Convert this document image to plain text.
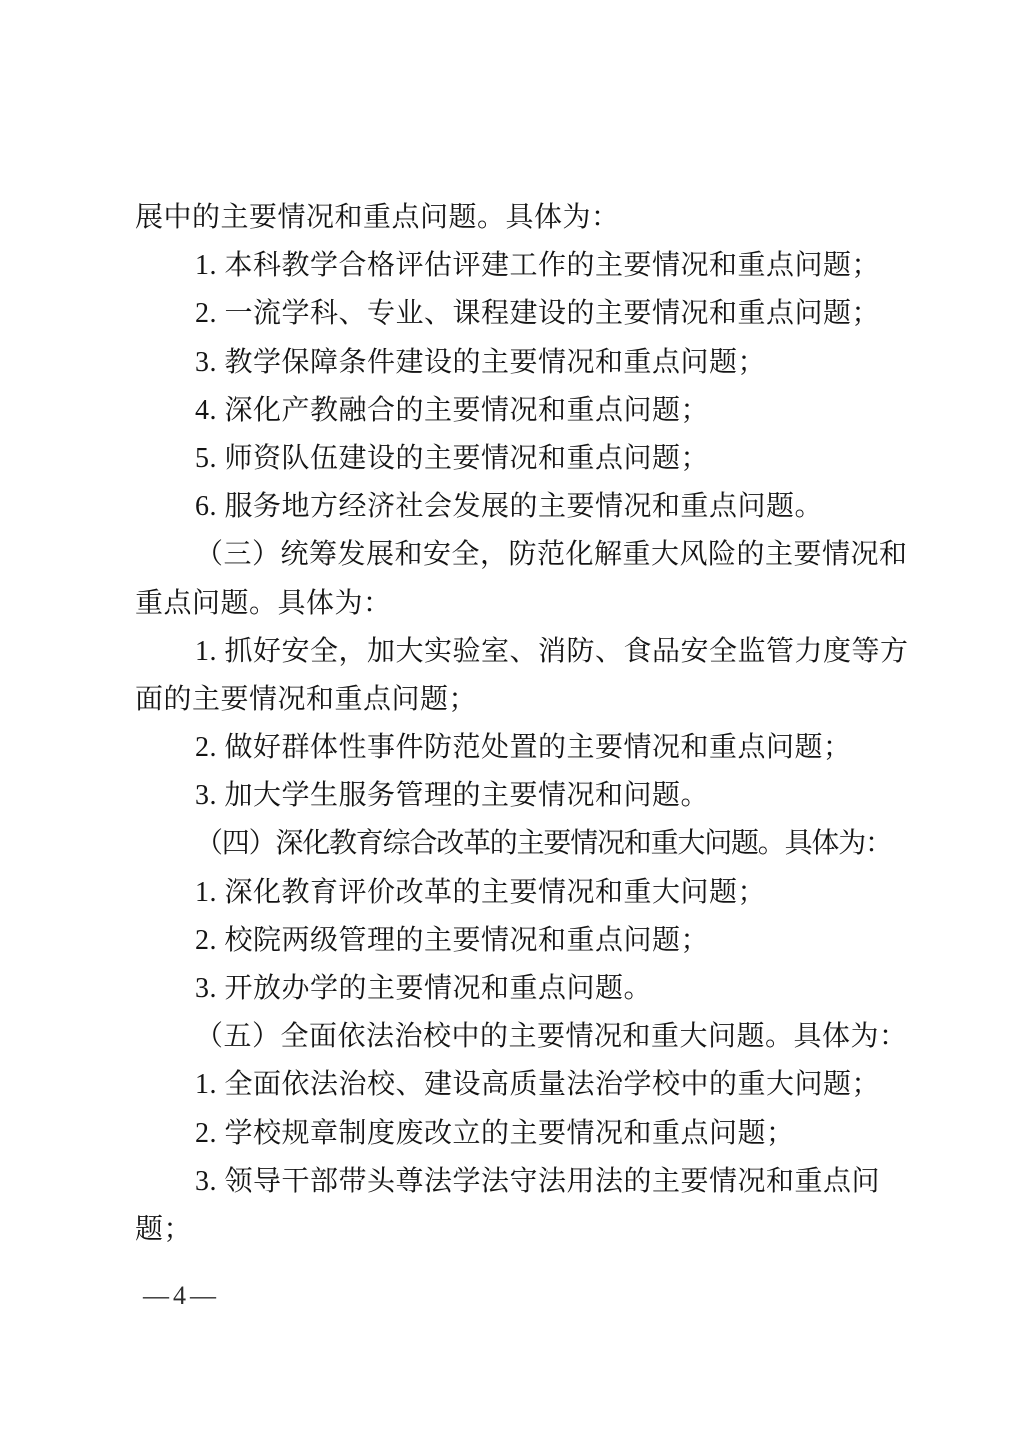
展中的主要情况和重点问题。具体为：
1. 本科教学合格评估评建工作的主要情况和重点问题；
2. 一流学科、专业、课程建设的主要情况和重点问题；
3. 教学保障条件建设的主要情况和重点问题；
4. 深化产教融合的主要情况和重点问题；
5. 师资队伍建设的主要情况和重点问题；
6. 服务地方经济社会发展的主要情况和重点问题。
（三）统筹发展和安全，防范化解重大风险的主要情况和
重点问题。具体为：
1. 抓好安全，加大实验室、消防、食品安全监管力度等方
面的主要情况和重点问题；
2. 做好群体性事件防范处置的主要情况和重点问题；
3. 加大学生服务管理的主要情况和问题。
（四）深化教育综合改革的主要情况和重大问题。具体为：
1. 深化教育评价改革的主要情况和重大问题；
2. 校院两级管理的主要情况和重点问题；
3. 开放办学的主要情况和重点问题。
（五）全面依法治校中的主要情况和重大问题。具体为：
1. 全面依法治校、建设高质量法治学校中的重大问题；
2. 学校规章制度废改立的主要情况和重点问题；
3. 领导干部带头尊法学法守法用法的主要情况和重点问
题；
—4—
